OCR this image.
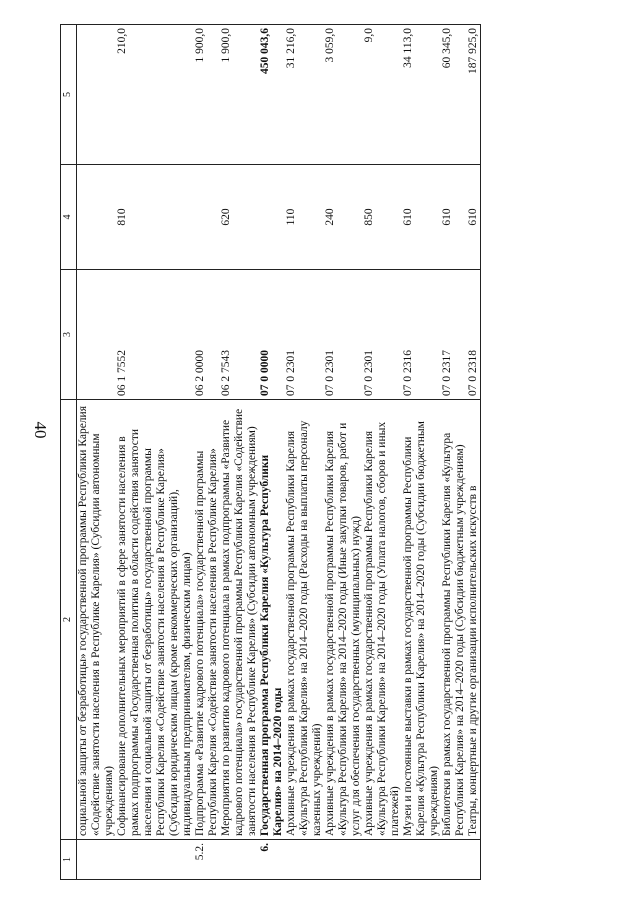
40
1	2	3	4	5
	социальной защиты от безработицы» государственной программы Республики Карелия «Содействие занятости населения в Республике Карелия» (Субсидии автономным учреждениям)			
	Софинансирование дополнительных мероприятий в сфере занятости населения в рамках подпрограммы «Государственная политика в области содействия занятости населения и социальной защиты от безработицы» государственной программы Республики Карелия «Содействие занятости населения в Республике Карелия» (Субсидии юридическим лицам (кроме некоммерческих организаций), индивидуальным предпринимателям, физическим лицам)	06 1 7552	810	210,0
5.2.	Подпрограмма «Развитие кадрового потенциала» государственной программы Республики Карелия «Содействие занятости населения в Республике Карелия»	06 2 0000		1 900,0
	Мероприятия по развитию кадрового потенциала в рамках подпрограммы «Развитие кадрового потенциала» государственной программы Республики Карелия «Содействие занятости населения в Республике Карелия» (Субсидии автономным учреждениям)	06 2 7543	620	1 900,0
6.	Государственная программа Республики Карелия «Культура Республики Карелия» на 2014–2020 годы	07 0 0000		450 043,6
	Архивные учреждения в рамках государственной программы Республики Карелия «Культура Республики Карелия» на 2014–2020 годы (Расходы на выплаты персоналу казенных учреждений)	07 0 2301	110	31 216,0
	Архивные учреждения в рамках государственной программы Республики Карелия «Культура Республики Карелия» на 2014–2020 годы (Иные закупки товаров, работ и услуг для обеспечения государственных (муниципальных) нужд)	07 0 2301	240	3 059,0
	Архивные учреждения в рамках государственной программы Республики Карелия «Культура Республики Карелия» на 2014–2020 годы (Уплата налогов, сборов и иных платежей)	07 0 2301	850	9,0
	Музеи и постоянные выставки в рамках государственной программы Республики Карелия «Культура Республики Карелия» на 2014–2020 годы (Субсидии бюджетным учреждениям)	07 0 2316	610	34 113,0
	Библиотеки в рамках государственной программы Республики Карелия «Культура Республики Карелия» на 2014–2020 годы (Субсидии бюджетным учреждениям)	07 0 2317	610	60 345,0
	Театры, концертные и другие организации исполнительских искусств в	07 0 2318	610	187 925,0
